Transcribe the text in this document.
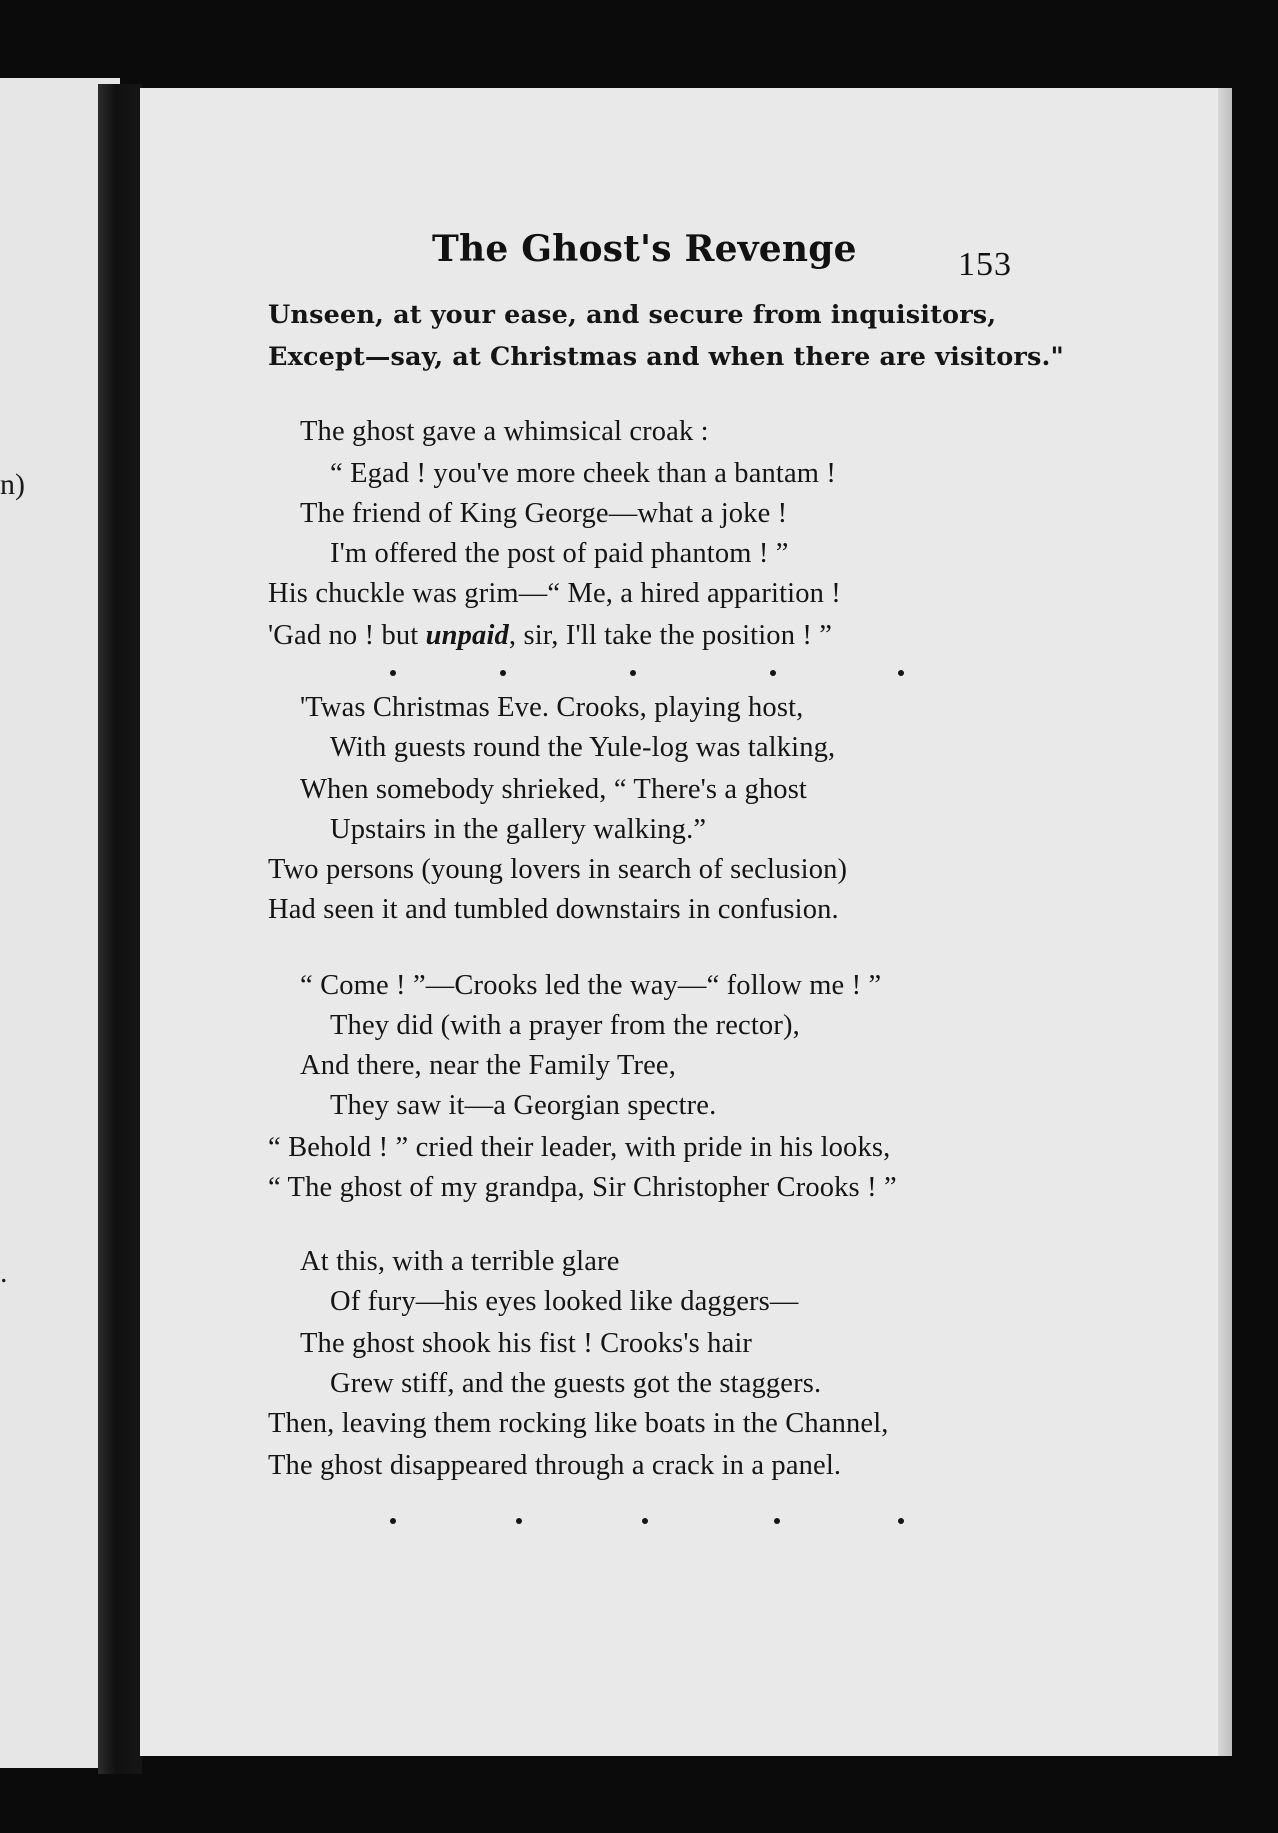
n)
.
The Ghost's Revenge	153
Unseen, at your ease, and secure from inquisitors,
Except—say, at Christmas and when there are visitors."
The ghost gave a whimsical croak :
“ Egad ! you've more cheek than a bantam !
The friend of King George—what a joke !
I'm offered the post of paid phantom ! ”
His chuckle was grim—“ Me, a hired apparition !
'Gad no ! but unpaid, sir, I'll take the position ! ”
'Twas Christmas Eve. Crooks, playing host,
With guests round the Yule-log was talking,
When somebody shrieked, “ There's a ghost
Upstairs in the gallery walking.”
Two persons (young lovers in search of seclusion)
Had seen it and tumbled downstairs in confusion.
“ Come ! ”—Crooks led the way—“ follow me ! ”
They did (with a prayer from the rector),
And there, near the Family Tree,
They saw it—a Georgian spectre.
“ Behold ! ” cried their leader, with pride in his looks,
“ The ghost of my grandpa, Sir Christopher Crooks ! ”
At this, with a terrible glare
Of fury—his eyes looked like daggers—
The ghost shook his fist ! Crooks's hair
Grew stiff, and the guests got the staggers.
Then, leaving them rocking like boats in the Channel,
The ghost disappeared through a crack in a panel.
